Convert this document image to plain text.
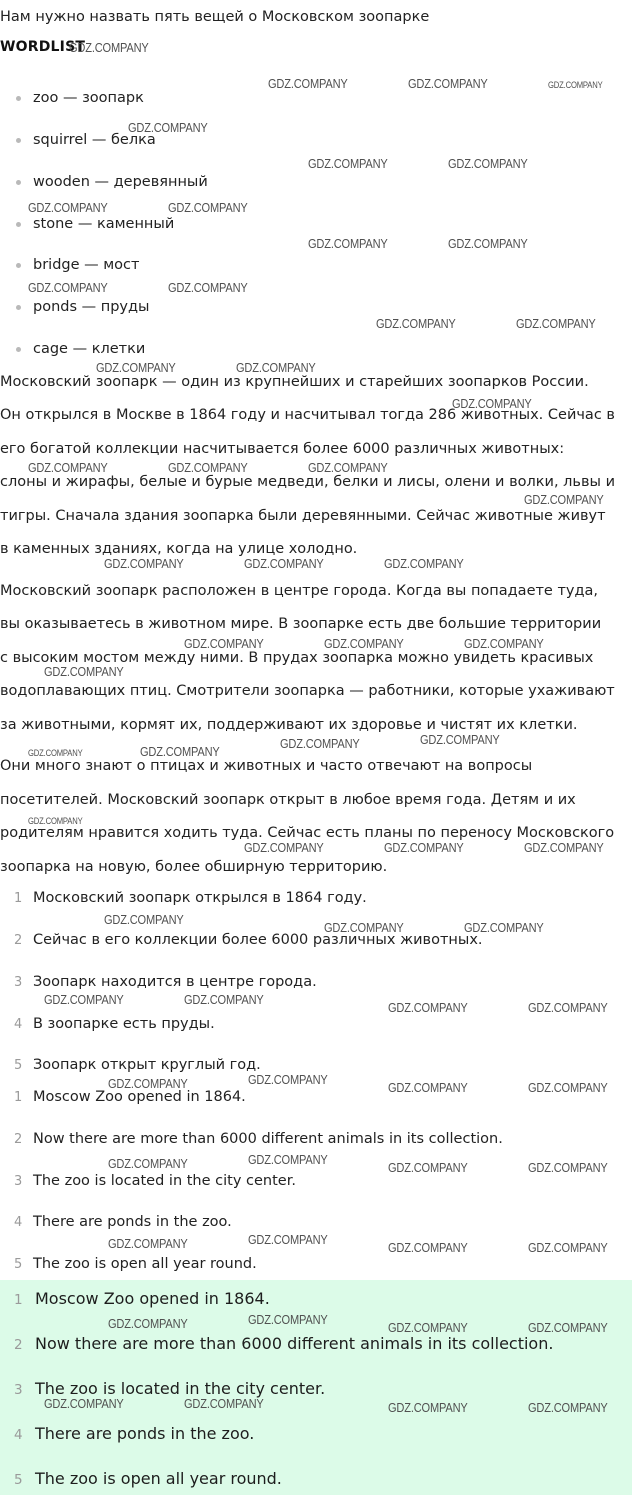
Нам нужно назвать пять вещей о Московском зоопарке
WORDLIST
zoo — зоопарк
squirrel — белка
wooden — деревянный
stone — каменный
bridge — мост
ponds — пруды
cage — клетки
Московский зоопарк — один из крупнейших и старейших зоопарков России.
Он открылся в Москве в 1864 году и насчитывал тогда 286 животных. Сейчас в
его богатой коллекции насчитывается более 6000 различных животных:
слоны и жирафы, белые и бурые медведи, белки и лисы, олени и волки, львы и
тигры. Сначала здания зоопарка были деревянными. Сейчас животные живут
в каменных зданиях, когда на улице холодно.
Московский зоопарк расположен в центре города. Когда вы попадаете туда,
вы оказываетесь в животном мире. В зоопарке есть две большие территории
с высоким мостом между ними. В прудах зоопарка можно увидеть красивых
водоплавающих птиц. Смотрители зоопарка — работники, которые ухаживают
за животными, кормят их, поддерживают их здоровье и чистят их клетки.
Они много знают о птицах и животных и часто отвечают на вопросы
посетителей. Московский зоопарк открыт в любое время года. Детям и их
родителям нравится ходить туда. Сейчас есть планы по переносу Московского
зоопарка на новую, более обширную территорию.
1 Московский зоопарк открылся в 1864 году.
2 Сейчас в его коллекции более 6000 различных животных.
3 Зоопарк находится в центре города.
4 В зоопарке есть пруды.
5 Зоопарк открыт круглый год.
1 Moscow Zoo opened in 1864.
2 Now there are more than 6000 different animals in its collection.
3 The zoo is located in the city center.
4 There are ponds in the zoo.
5 The zoo is open all year round.
1 Moscow Zoo opened in 1864.
2 Now there are more than 6000 different animals in its collection.
3 The zoo is located in the city center.
4 There are ponds in the zoo.
5 The zoo is open all year round.
GDZ.COMPANY
GDZ.COMPANY	GDZ.COMPANY	GDZ.COMPANY
GDZ.COMPANY
GDZ.COMPANY	GDZ.COMPANY
GDZ.COMPANY	GDZ.COMPANY
GDZ.COMPANY	GDZ.COMPANY
GDZ.COMPANY	GDZ.COMPANY
GDZ.COMPANY	GDZ.COMPANY
GDZ.COMPANY	GDZ.COMPANY
GDZ.COMPANY
GDZ.COMPANY	GDZ.COMPANY	GDZ.COMPANY
GDZ.COMPANY
GDZ.COMPANY	GDZ.COMPANY	GDZ.COMPANY
GDZ.COMPANY	GDZ.COMPANY	GDZ.COMPANY
GDZ.COMPANY
GDZ.COMPANY	GDZ.COMPANY
GDZ.COMPANY	GDZ.COMPANY
GDZ.COMPANY
GDZ.COMPANY	GDZ.COMPANY	GDZ.COMPANY
GDZ.COMPANY
GDZ.COMPANY	GDZ.COMPANY
GDZ.COMPANY	GDZ.COMPANY
GDZ.COMPANY	GDZ.COMPANY
GDZ.COMPANY	GDZ.COMPANY
GDZ.COMPANY	GDZ.COMPANY
GDZ.COMPANY	GDZ.COMPANY
GDZ.COMPANY	GDZ.COMPANY
GDZ.COMPANY	GDZ.COMPANY
GDZ.COMPANY	GDZ.COMPANY
GDZ.COMPANY	GDZ.COMPANY
GDZ.COMPANY	GDZ.COMPANY
GDZ.COMPANY	GDZ.COMPANY	GDZ.COMPANY	GDZ.COMPANY
